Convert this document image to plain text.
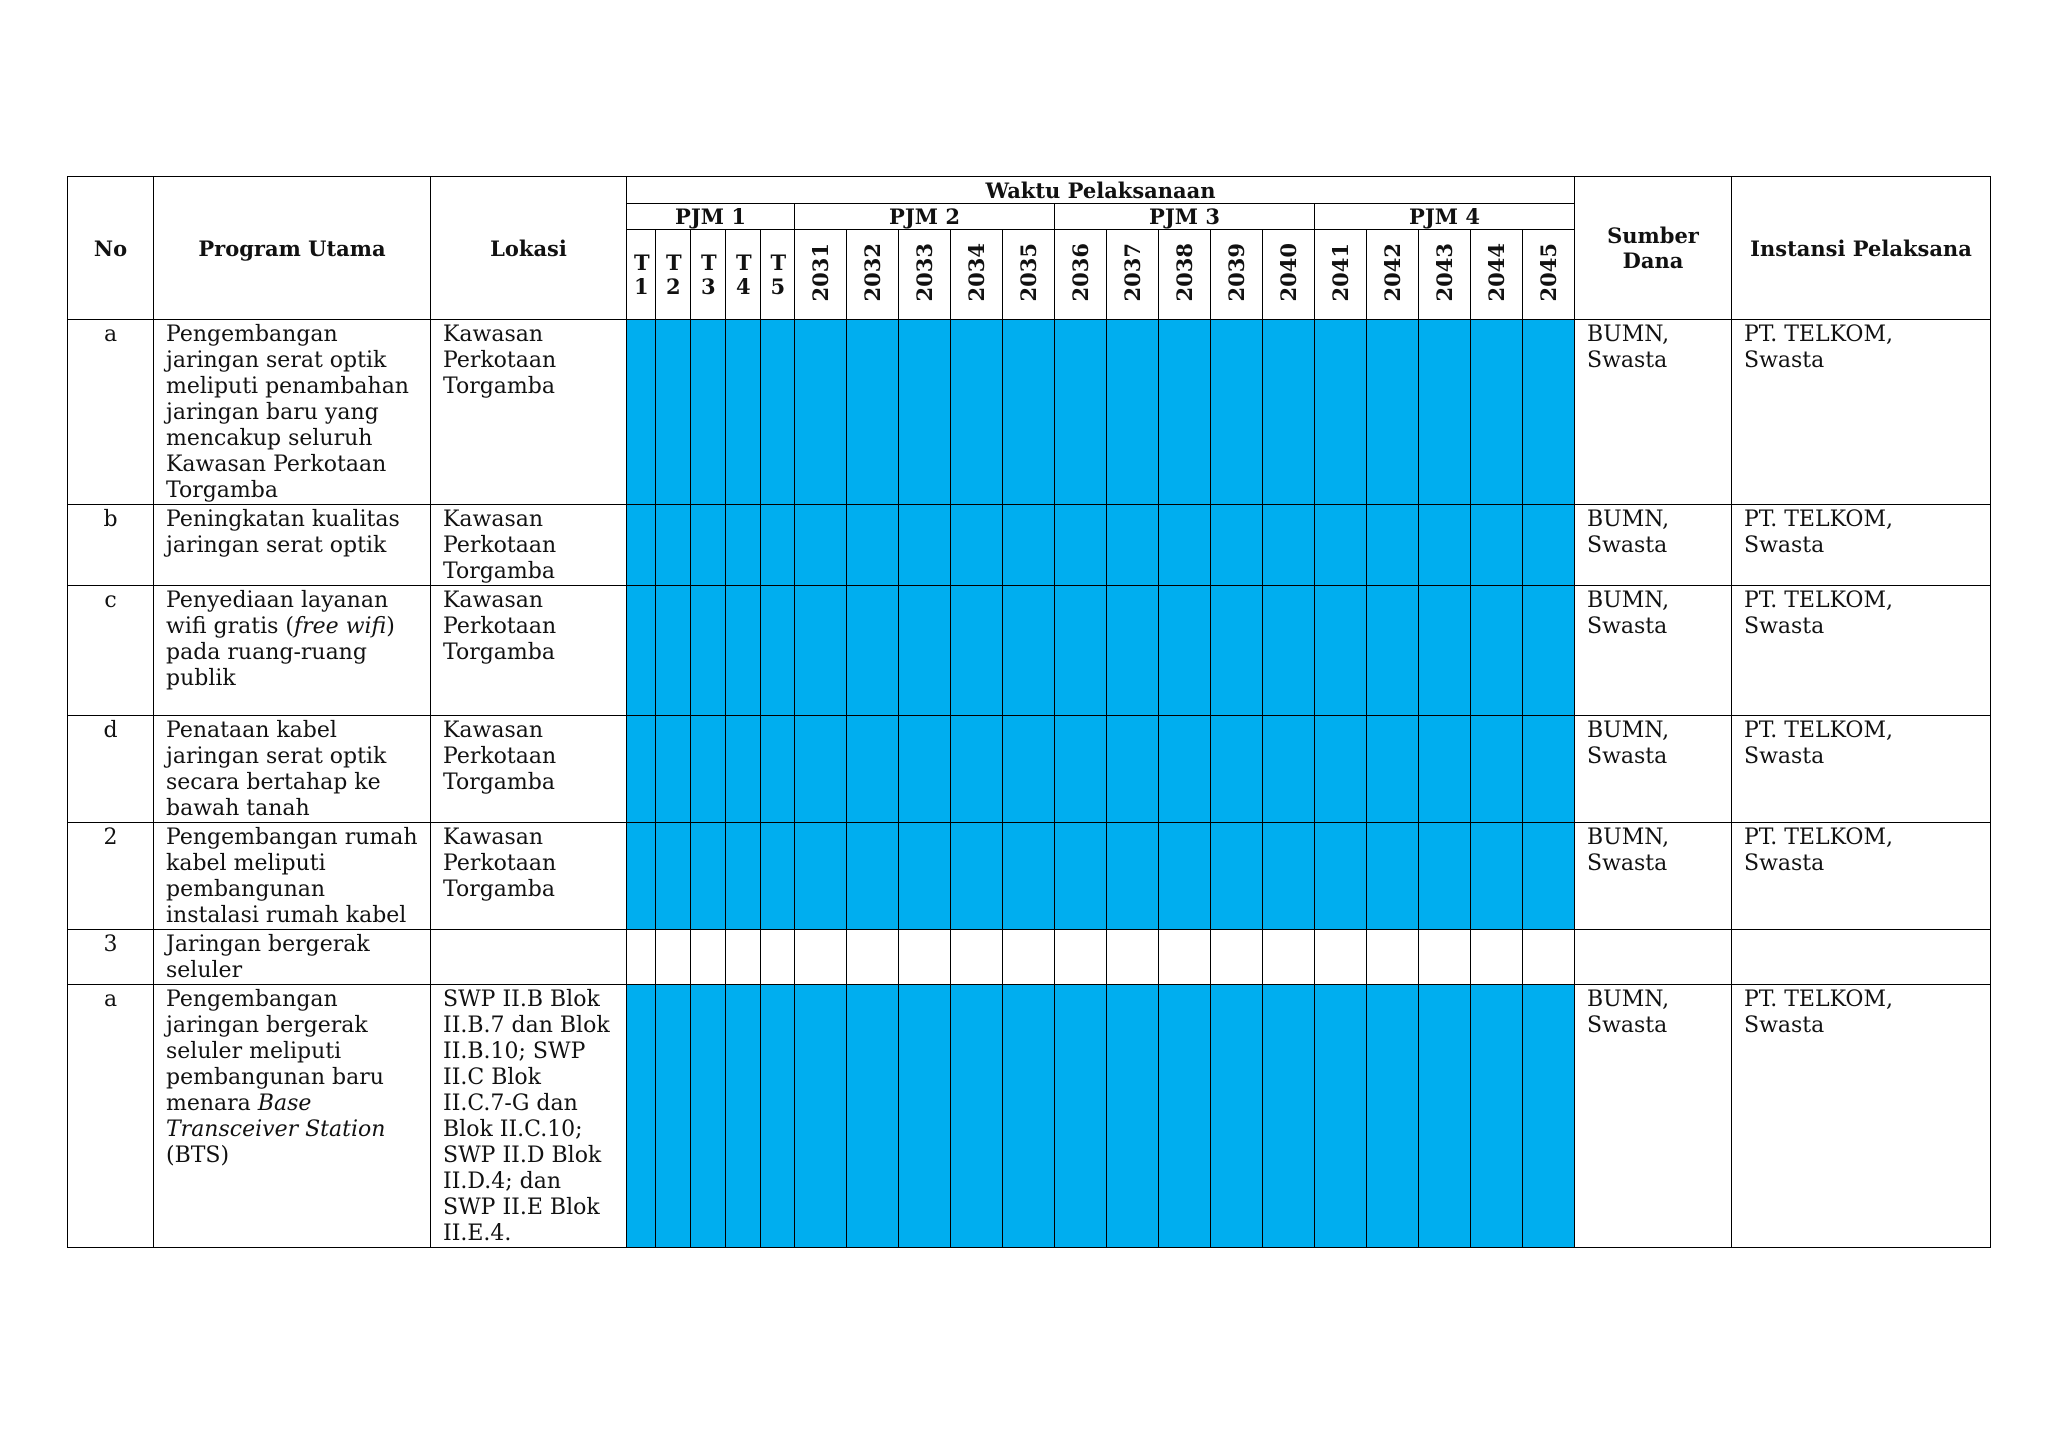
No	Program Utama	Lokasi	Waktu Pelaksanaan																				Sumber Dana	Instansi Pelaksana
			PJM 1					PJM 2					PJM 3					PJM 4						
			T 1	T 2	T 3	T 4	T 5	2031	2032	2033	2034	2035	2036	2037	2038	2039	2040	2041	2042	2043	2044	2045		
a	Pengembangan jaringan serat optik meliputi penambahan jaringan baru yang mencakup seluruh Kawasan Perkotaan Torgamba	Kawasan Perkotaan Torgamba																					BUMN, Swasta	PT. TELKOM, Swasta
b	Peningkatan kualitas jaringan serat optik	Kawasan Perkotaan Torgamba																					BUMN, Swasta	PT. TELKOM, Swasta
c	Penyediaan layanan wifi gratis (free wifi) pada ruang-ruang publik	Kawasan Perkotaan Torgamba																					BUMN, Swasta	PT. TELKOM, Swasta
d	Penataan kabel jaringan serat optik secara bertahap ke bawah tanah	Kawasan Perkotaan Torgamba																					BUMN, Swasta	PT. TELKOM, Swasta
2	Pengembangan rumah kabel meliputi pembangunan instalasi rumah kabel	Kawasan Perkotaan Torgamba																					BUMN, Swasta	PT. TELKOM, Swasta
3	Jaringan bergerak seluler																							
a	Pengembangan jaringan bergerak seluler meliputi pembangunan baru menara Base Transceiver Station (BTS)	SWP II.B Blok II.B.7 dan Blok II.B.10; SWP II.C Blok II.C.7-G dan Blok II.C.10; SWP II.D Blok II.D.4; dan SWP II.E Blok II.E.4.																					BUMN, Swasta	PT. TELKOM, Swasta
